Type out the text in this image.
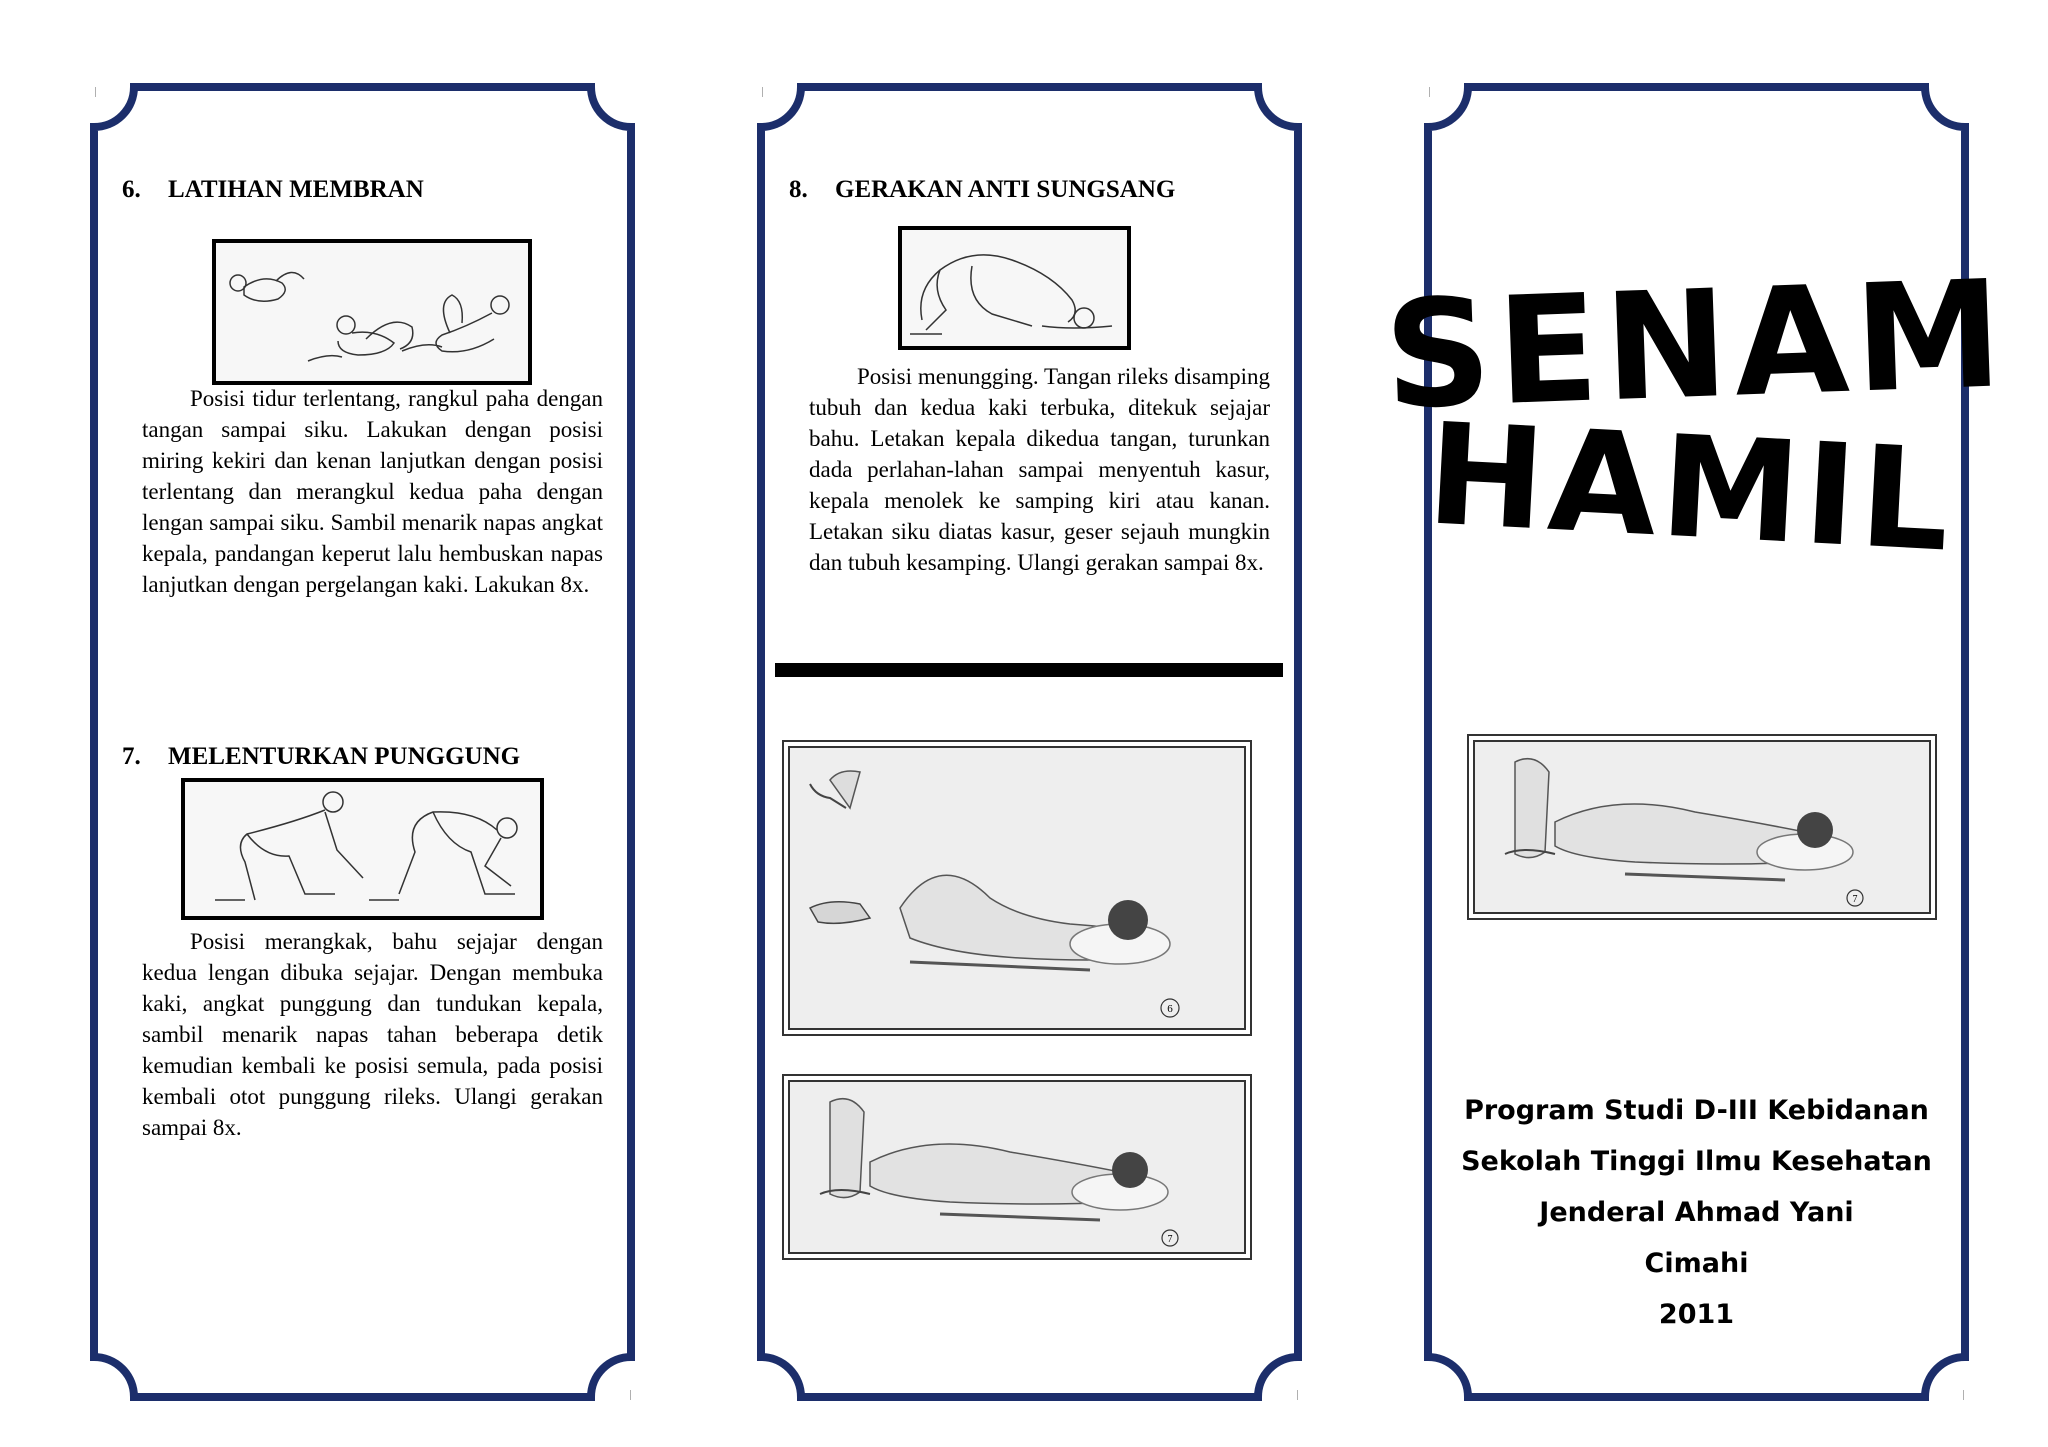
6. LATIHAN MEMBRAN

Posisi tidur terlentang, rangkul paha dengan tangan sampai siku. Lakukan dengan posisi miring kekiri dan kenan lanjutkan dengan posisi terlentang dan merangkul kedua paha dengan lengan sampai siku. Sambil menarik napas angkat kepala, pandangan keperut lalu hembuskan napas lanjutkan dengan pergelangan kaki. Lakukan 8x.

7. MELENTURKAN PUNGGUNG

Posisi merangkak, bahu sejajar dengan kedua lengan dibuka sejajar. Dengan membuka kaki, angkat punggung dan tundukan kepala, sambil menarik napas tahan beberapa detik kemudian kembali ke posisi semula, pada posisi kembali otot punggung rileks. Ulangi gerakan sampai 8x.

8. GERAKAN ANTI SUNGSANG

Posisi menungging. Tangan rileks disamping tubuh dan kedua kaki terbuka, ditekuk sejajar bahu. Letakan kepala dikedua tangan, turunkan dada perlahan-lahan sampai menyentuh kasur, kepala menolek ke samping kiri atau kanan. Letakan siku diatas kasur, geser sejauh mungkin dan tubuh kesamping. Ulangi gerakan sampai 8x.

6
7
SENAM
HAMIL
7
Program Studi D-III Kebidanan
Sekolah Tinggi Ilmu Kesehatan
Jenderal Ahmad Yani
Cimahi
2011
